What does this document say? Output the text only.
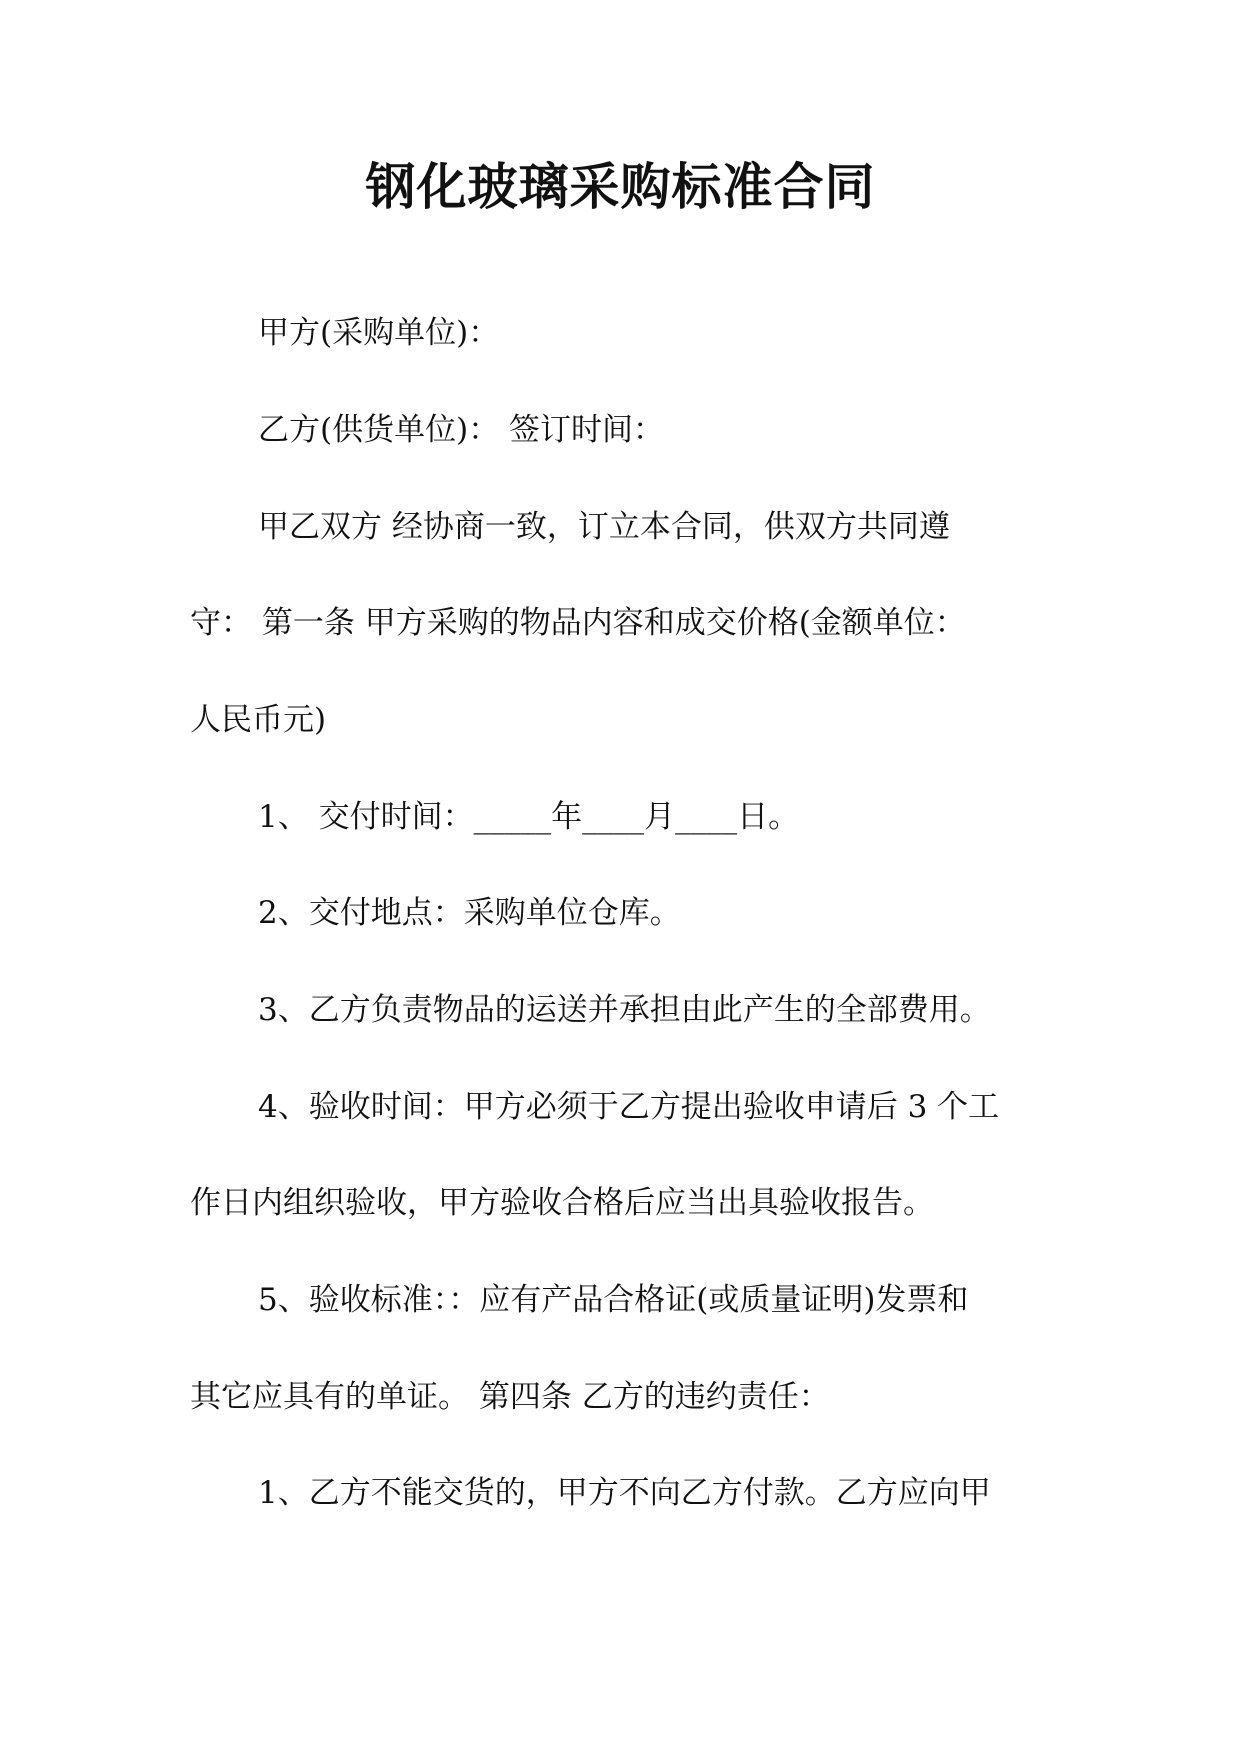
钢化玻璃采购标准合同

甲方(采购单位)：

乙方(供货单位)： 签订时间：

甲乙双方 经协商一致，订立本合同，供双方共同遵

守： 第一条 甲方采购的物品内容和成交价格(金额单位：

人民币元)

1、 交付时间：_____年____月____日。

2、交付地点：采购单位仓库。

3、乙方负责物品的运送并承担由此产生的全部费用。

4、验收时间：甲方必须于乙方提出验收申请后 3 个工

作日内组织验收，甲方验收合格后应当出具验收报告。

5、验收标准：：应有产品合格证(或质量证明)发票和

其它应具有的单证。 第四条 乙方的违约责任：

1、乙方不能交货的，甲方不向乙方付款。乙方应向甲
